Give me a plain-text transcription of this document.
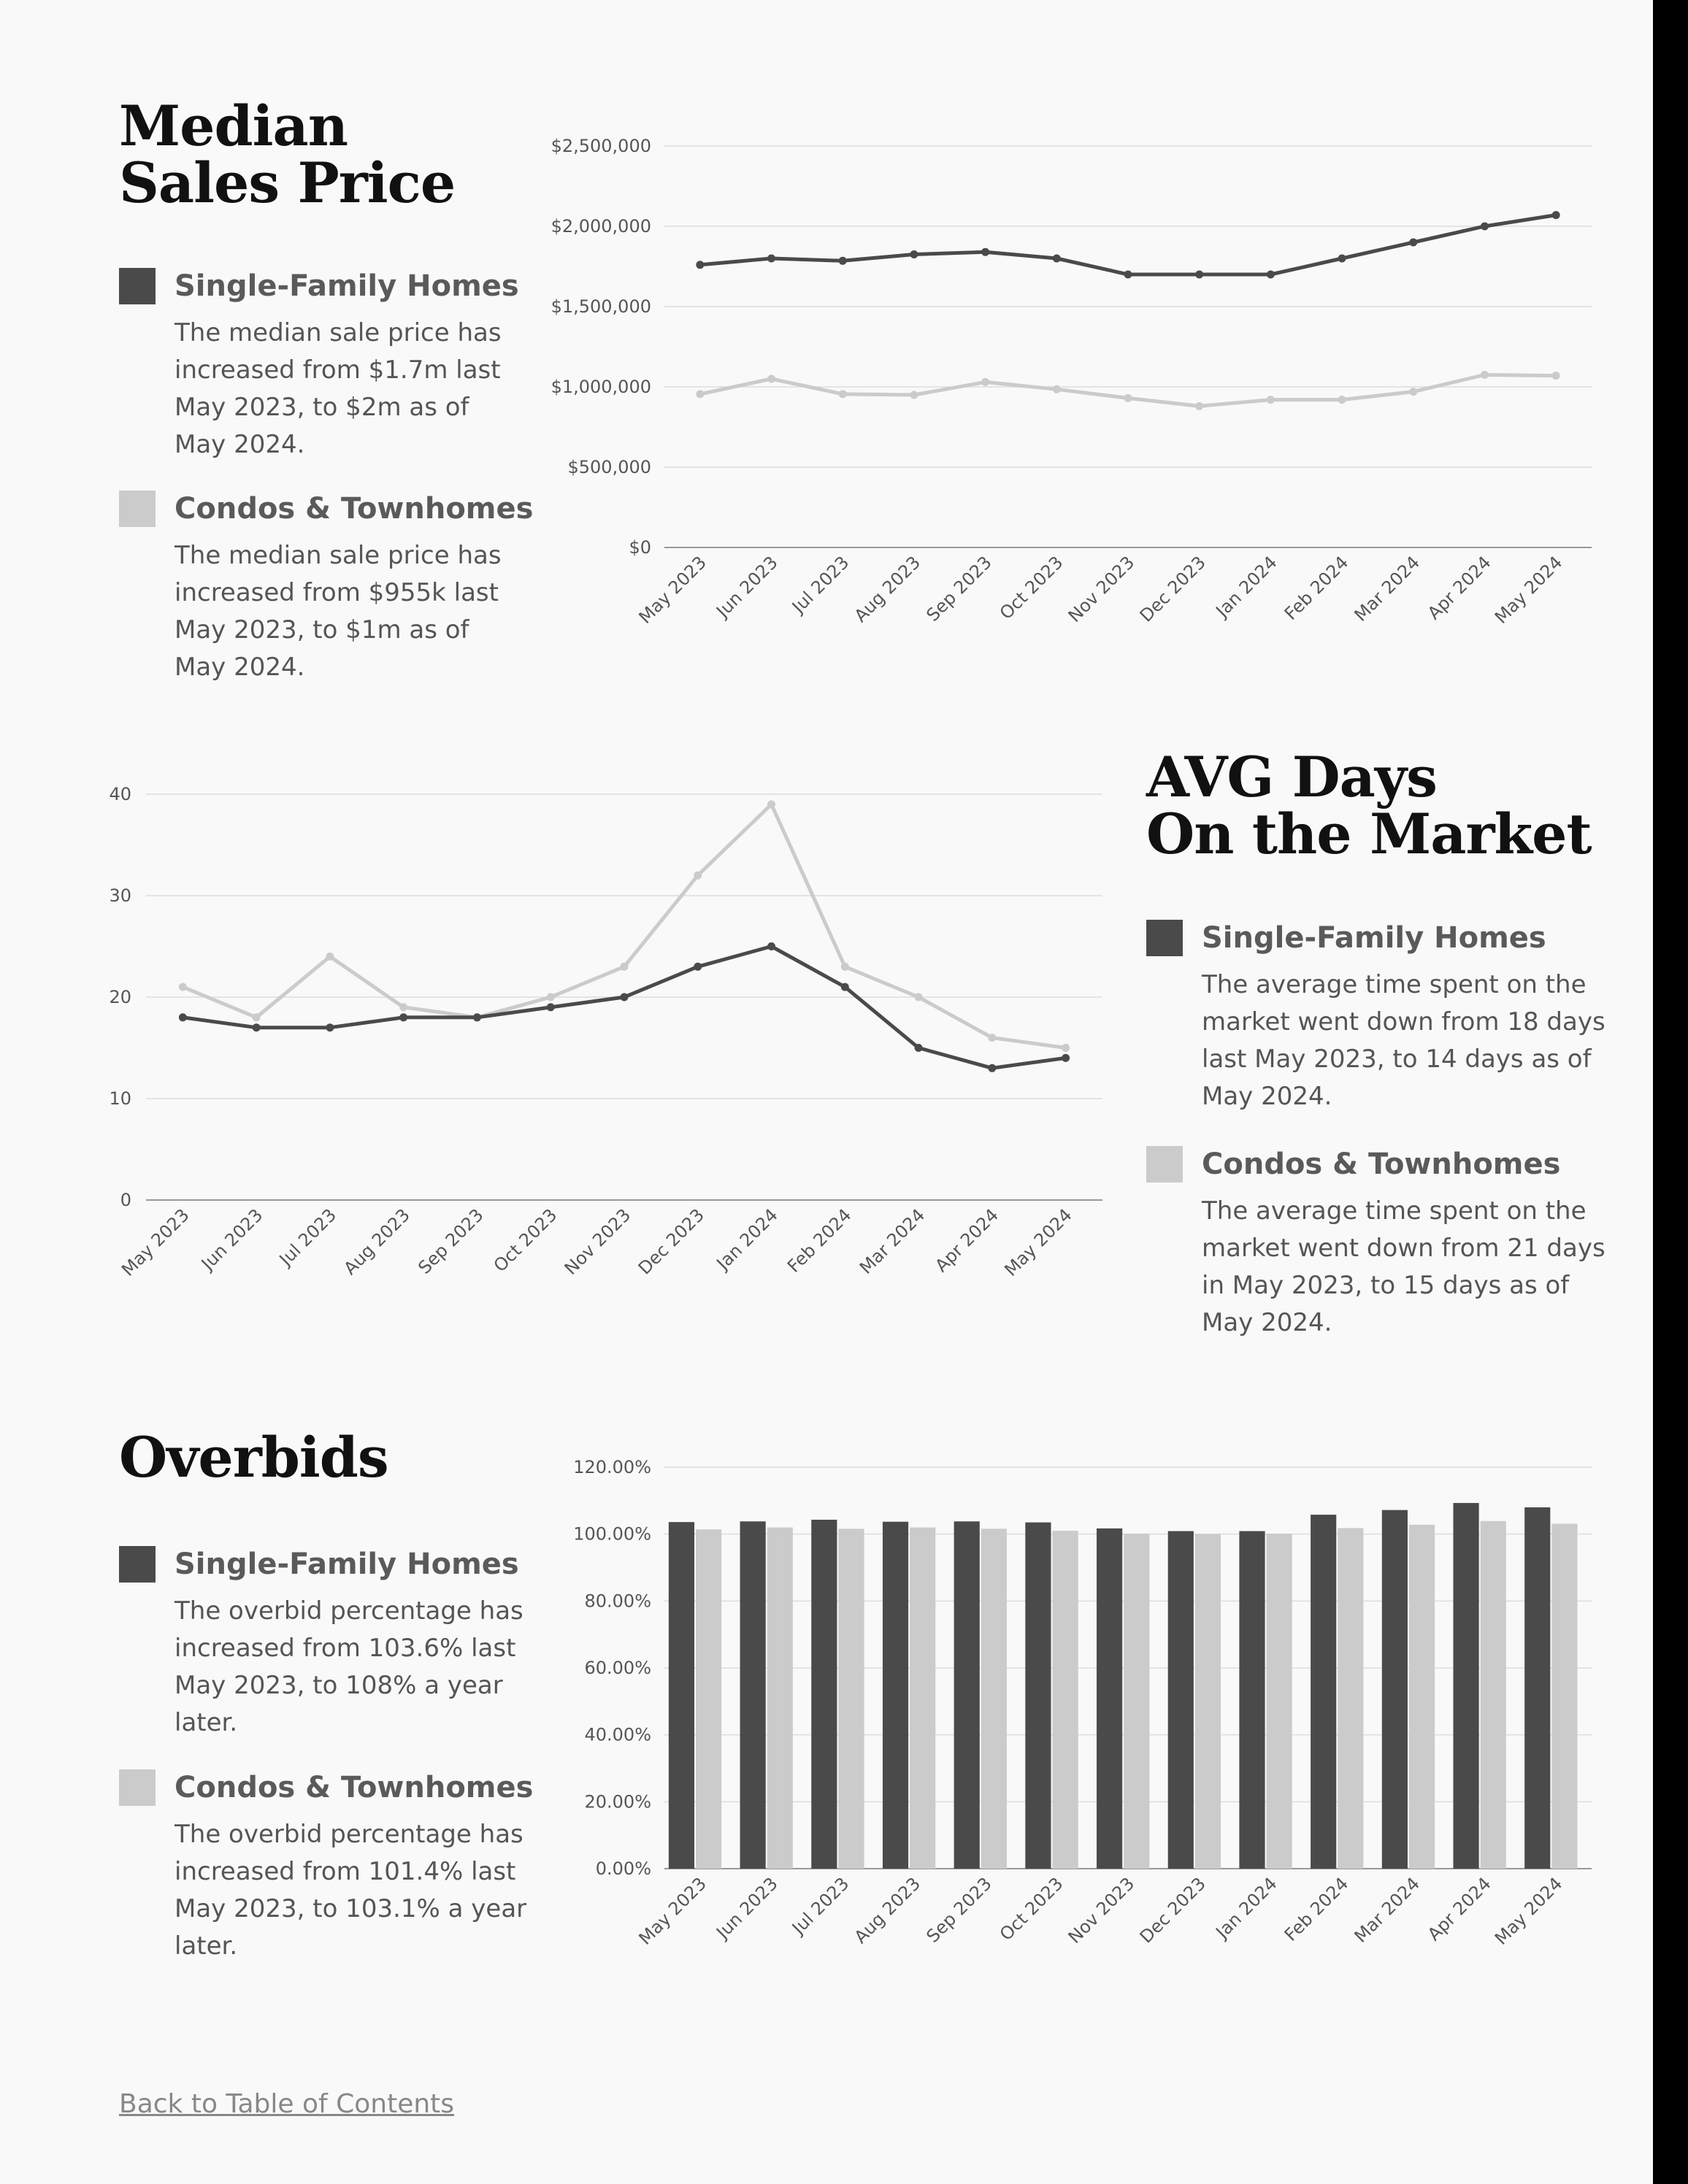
Median
Sales Price
Single-Family Homes
The median sale price has increased from $1.7m last May 2023, to $2m as of May 2024.
Condos & Townhomes
The median sale price has increased from $955k last May 2023, to $1m as of May 2024.
$0
$500,000
$1,000,000
$1,500,000
$2,000,000
$2,500,000
May 2023 Jun 2023 Jul 2023
Aug 2023
Sep 2023 Oct 2023
Nov 2023
Dec 2023 Jan 2024 Feb 2024
Mar 2024 Apr 2024
May 2024
0
10
20
30
40
May 2023 Jun 2023 Jul 2023 Aug 2023 Sep 2023 Oct 2023 Nov 2023 Dec 2023 Jan 2024 Feb 2024 Mar 2024 Apr 2024
May 2024
AVG Days
On the Market
Single-Family Homes
The average time spent on the market went down from 18 days last May 2023, to 14 days as of May 2024.
Condos & Townhomes
The average time spent on the market went down from 21 days in May 2023, to 15 days as of May 2024.
Overbids
Single-Family Homes
The overbid percentage has increased from 103.6% last May 2023, to 108% a year later.
Condos & Townhomes
The overbid percentage has increased from 101.4% last May 2023, to 103.1% a year later.
0.00%
20.00%
40.00%
60.00%
80.00%
100.00%
120.00%
May 2023 Jun 2023 Jul 2023
Aug 2023
Sep 2023 Oct 2023
Nov 2023
Dec 2023 Jan 2024 Feb 2024
Mar 2024 Apr 2024
May 2024
Back to Table of Contents
